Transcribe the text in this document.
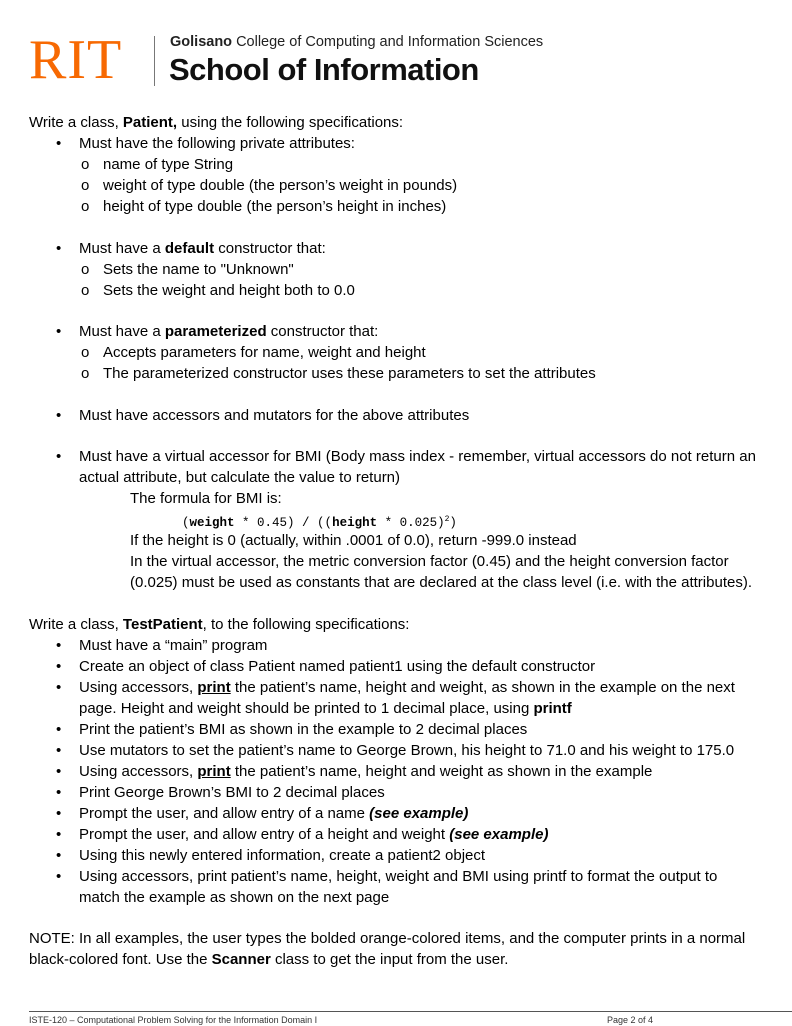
RIT	Golisano College of Computing and Information Sciences
School of Information
Write a class, Patient, using the following specifications:
• Must have the following private attributes:
o name of type String
o weight of type double (the person’s weight in pounds)
o height of type double (the person’s height in inches)
• Must have a default constructor that:
o Sets the name to "Unknown"
o Sets the weight and height both to 0.0
• Must have a parameterized constructor that:
o Accepts parameters for name, weight and height
o The parameterized constructor uses these parameters to set the attributes
• Must have accessors and mutators for the above attributes
• Must have a virtual accessor for BMI (Body mass index - remember, virtual accessors do not return an
actual attribute, but calculate the value to return)
The formula for BMI is:
(weight * 0.45) / ((height * 0.025)$^2$)
If the height is 0 (actually, within .0001 of 0.0), return -999.0 instead
In the virtual accessor, the metric conversion factor (0.45) and the height conversion factor
(0.025) must be used as constants that are declared at the class level (i.e. with the attributes).
Write a class, TestPatient, to the following specifications:
• Must have a “main” program
• Create an object of class Patient named patient1 using the default constructor
• Using accessors, print the patient’s name, height and weight, as shown in the example on the next
page. Height and weight should be printed to 1 decimal place, using printf
• Print the patient’s BMI as shown in the example to 2 decimal places
• Use mutators to set the patient’s name to George Brown, his height to 71.0 and his weight to 175.0
• Using accessors, print the patient’s name, height and weight as shown in the example
• Print George Brown’s BMI to 2 decimal places
• Prompt the user, and allow entry of a name (see example)
• Prompt the user, and allow entry of a height and weight (see example)
• Using this newly entered information, create a patient2 object
• Using accessors, print patient’s name, height, weight and BMI using printf to format the output to
match the example as shown on the next page
NOTE: In all examples, the user types the bolded orange-colored items, and the computer prints in a normal
black-colored font. Use the Scanner class to get the input from the user.
ISTE-120 – Computational Problem Solving for the Information Domain I	Page 2 of 4
